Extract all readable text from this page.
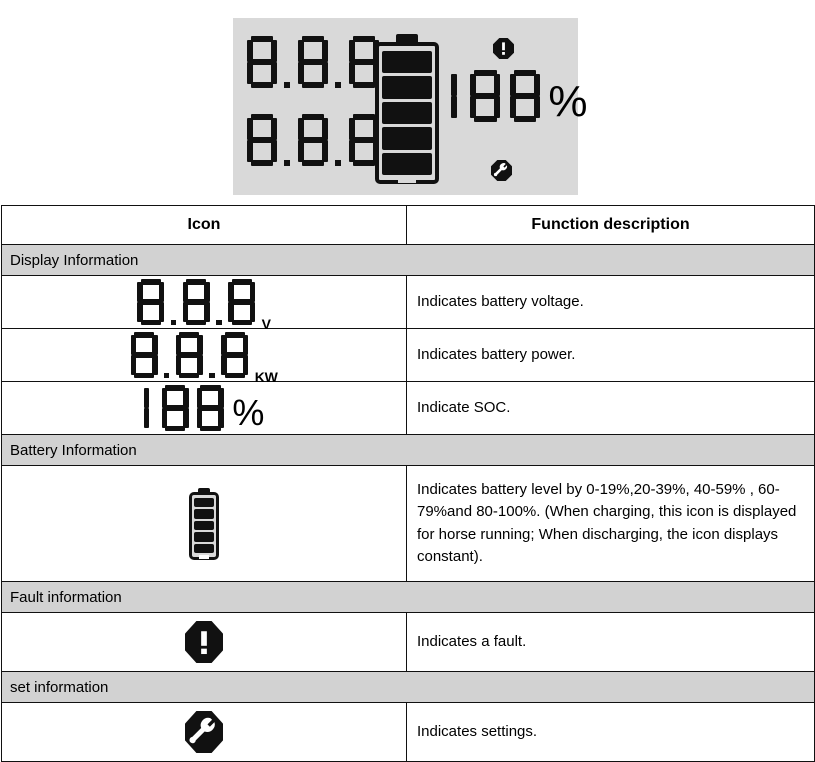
%
Icon	Function description
Display Information	

V	Indicates battery voltage.

KW	Indicates battery power.

%	Indicate SOC.
Battery Information	

	Indicates battery level by 0-19%,20-39%, 40-59% , 60-79%and 80-100%. (When charging, this icon is displayed for horse running; When discharging, the icon displays constant).
Fault information	

	Indicates a fault.
set information	

	Indicates settings.
